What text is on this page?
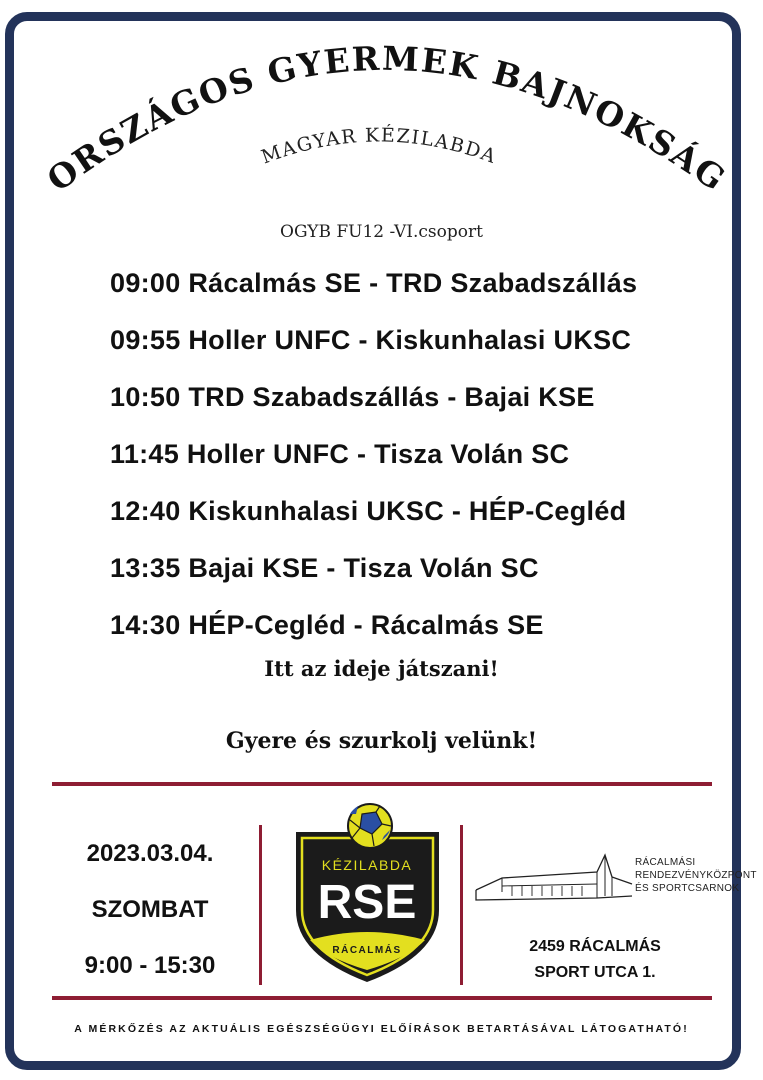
ORSZÁGOS GYERMEK BAJNOKSÁG
MAGYAR KÉZILABDA
OGYB FU12 -VI.csoport
09:00 Rácalmás SE - TRD Szabadszállás
09:55 Holler UNFC - Kiskunhalasi UKSC
10:50 TRD Szabadszállás - Bajai KSE
11:45 Holler UNFC - Tisza Volán SC
12:40 Kiskunhalasi UKSC - HÉP-Cegléd
13:35 Bajai KSE - Tisza Volán SC
14:30 HÉP-Cegléd - Rácalmás SE
Itt az ideje játszani!
Gyere és szurkolj velünk!
2023.03.04.
SZOMBAT
9:00 - 15:30
KÉZILABDA
RSE
RÁCALMÁS
RÁCALMÁSI
RENDEZVÉNYKÖZPONT
ÉS SPORTCSARNOK
2459 RÁCALMÁS
SPORT UTCA 1.
A MÉRKŐZÉS AZ AKTUÁLIS EGÉSZSÉGÜGYI ELŐÍRÁSOK BETARTÁSÁVAL LÁTOGATHATÓ!
